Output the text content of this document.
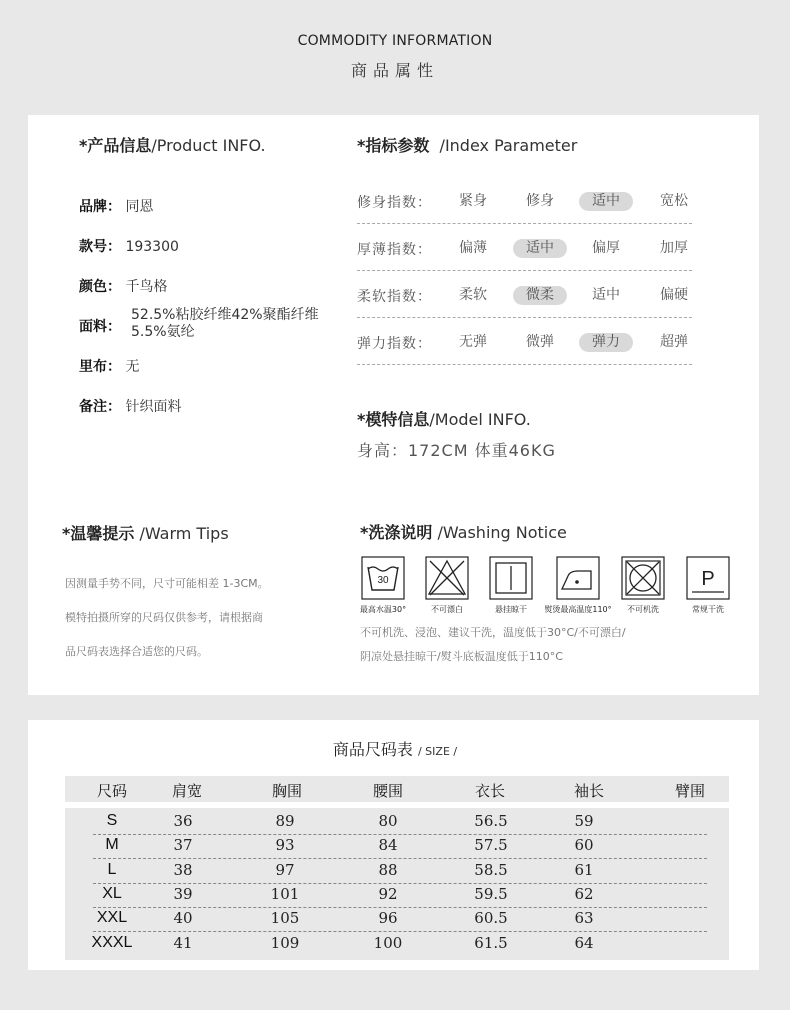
COMMODITY INFORMATION
商品属性
*产品信息/Product INFO.
品牌： 同恩
款号： 193300
颜色： 千鸟格
面料：
52.5%粘胶纤维42%聚酯纤维
5.5%氨纶
里布： 无
备注： 针织面料
*指标参数 /Index Parameter
修身指数：	紧身	修身	适中	宽松
厚薄指数：	偏薄	适中	偏厚	加厚
柔软指数：	柔软	微柔	适中	偏硬
弹力指数：	无弹	微弹	弹力	超弹
*模特信息/Model INFO.
身高：172CM 体重46KG
*温馨提示 /Warm Tips
因测量手势不同，尺寸可能相差 1-3CM。
模特拍摄所穿的尺码仅供参考，请根据商
品尺码表选择合适您的尺码。
*洗涤说明 /Washing Notice
30	P
最高水温30°	不可漂白	悬挂晾干	熨烫最高温度110°	不可机洗	常规干洗
不可机洗、浸泡、建议干洗，温度低于30°C/不可漂白/
阴凉处悬挂晾干/熨斗底板温度低于110°C
商品尺码表 / SIZE /
尺码	肩宽	胸围	腰围	衣长	袖长	臂围
S	36	89	80	56.5	59
M	37	93	84	57.5	60
L	38	97	88	58.5	61
XL	39	101	92	59.5	62
XXL	40	105	96	60.5	63
XXXL	41	109	100	61.5	64
